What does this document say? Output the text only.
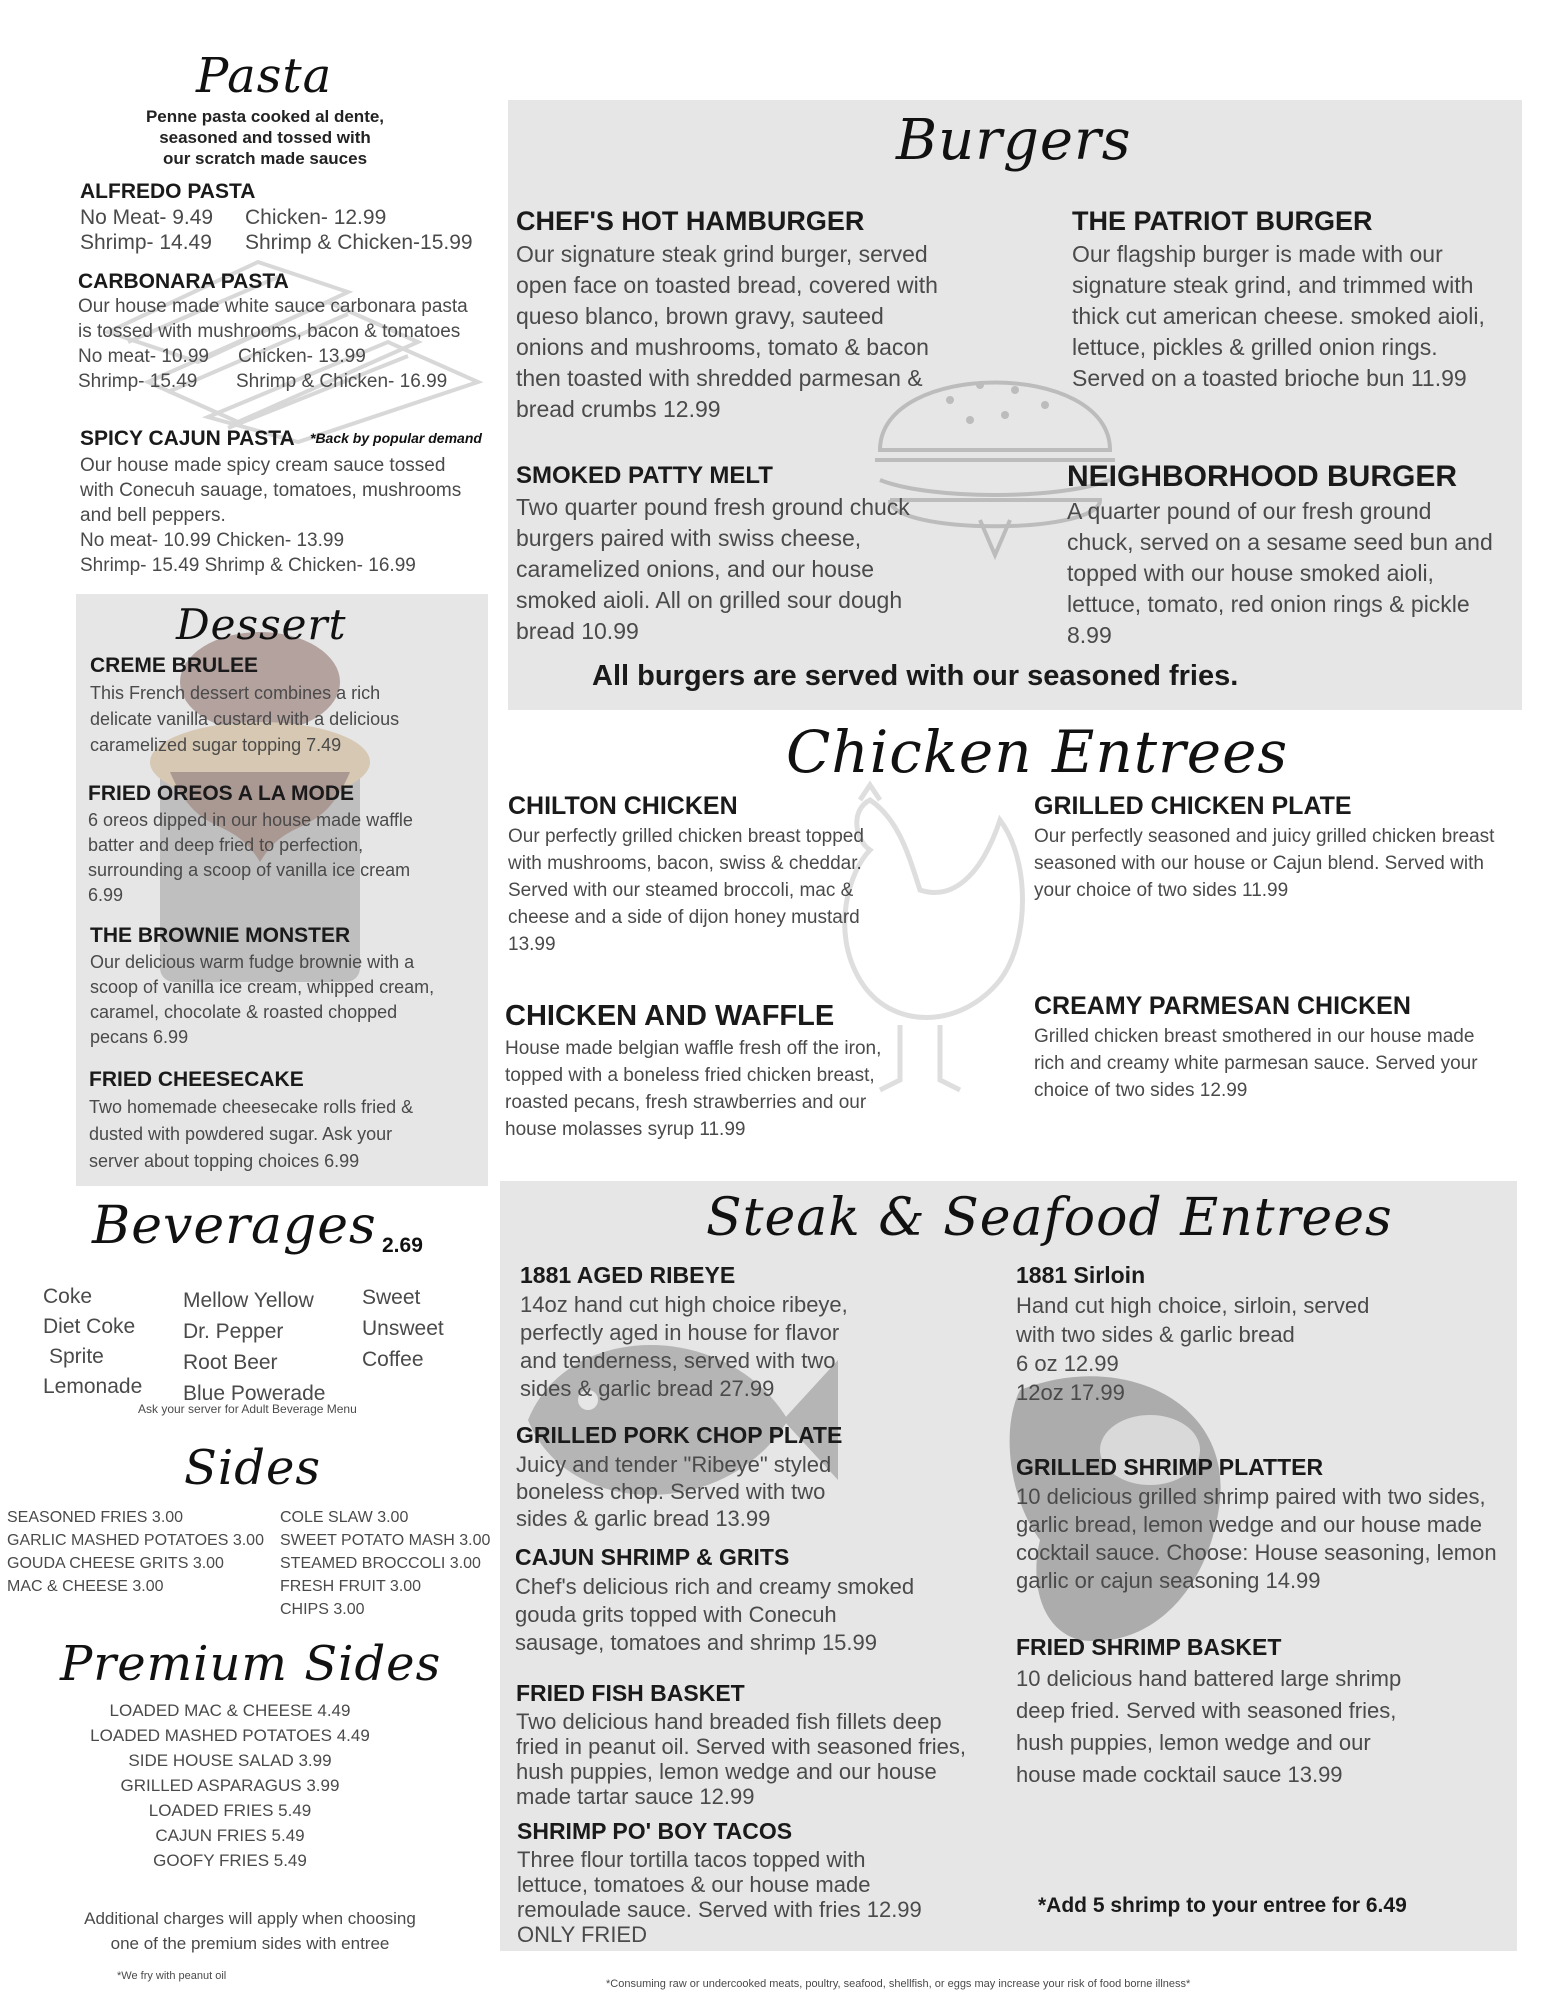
Pasta
Penne pasta cooked al dente,
seasoned and tossed with
our scratch made sauces
ALFREDO PASTA
No Meat- 9.49 Chicken- 12.99
Shrimp- 14.49 Shrimp & Chicken-15.99
CARBONARA PASTA
Our house made white sauce carbonara pasta
is tossed with mushrooms, bacon & tomatoes
No meat- 10.99 Chicken- 13.99
Shrimp- 15.49 Shrimp & Chicken- 16.99
SPICY CAJUN PASTA *Back by popular demand
Our house made spicy cream sauce tossed
with Conecuh sauage, tomatoes, mushrooms
and bell peppers.
No meat- 10.99 Chicken- 13.99
Shrimp- 15.49 Shrimp & Chicken- 16.99
Dessert
CREME BRULEE
This French dessert combines a rich
delicate vanilla custard with a delicious
caramelized sugar topping 7.49
FRIED OREOS A LA MODE
6 oreos dipped in our house made waffle
batter and deep fried to perfection,
surrounding a scoop of vanilla ice cream
6.99
THE BROWNIE MONSTER
Our delicious warm fudge brownie with a
scoop of vanilla ice cream, whipped cream,
caramel, chocolate & roasted chopped
pecans 6.99
FRIED CHEESECAKE
Two homemade cheesecake rolls fried &
dusted with powdered sugar. Ask your
server about topping choices 6.99
Beverages 2.69
Coke
Diet Coke
Sprite
Lemonade
Mellow Yellow
Dr. Pepper
Root Beer
Blue Powerade
Sweet
Unsweet
Coffee
Ask your server for Adult Beverage Menu
Sides
SEASONED FRIES 3.00
GARLIC MASHED POTATOES 3.00
GOUDA CHEESE GRITS 3.00
MAC & CHEESE 3.00
COLE SLAW 3.00
SWEET POTATO MASH 3.00
STEAMED BROCCOLI 3.00
FRESH FRUIT 3.00
CHIPS 3.00
Premium Sides
LOADED MAC & CHEESE 4.49
LOADED MASHED POTATOES 4.49
SIDE HOUSE SALAD 3.99
GRILLED ASPARAGUS 3.99
LOADED FRIES 5.49
CAJUN FRIES 5.49
GOOFY FRIES 5.49
Additional charges will apply when choosing
one of the premium sides with entree
*We fry with peanut oil
Burgers
CHEF'S HOT HAMBURGER
Our signature steak grind burger, served
open face on toasted bread, covered with
queso blanco, brown gravy, sauteed
onions and mushrooms, tomato & bacon
then toasted with shredded parmesan &
bread crumbs 12.99
THE PATRIOT BURGER
Our flagship burger is made with our
signature steak grind, and trimmed with
thick cut american cheese. smoked aioli,
lettuce, pickles & grilled onion rings.
Served on a toasted brioche bun 11.99
SMOKED PATTY MELT
Two quarter pound fresh ground chuck
burgers paired with swiss cheese,
caramelized onions, and our house
smoked aioli. All on grilled sour dough
bread 10.99
NEIGHBORHOOD BURGER
A quarter pound of our fresh ground
chuck, served on a sesame seed bun and
topped with our house smoked aioli,
lettuce, tomato, red onion rings & pickle
8.99
All burgers are served with our seasoned fries.
Chicken Entrees
CHILTON CHICKEN
Our perfectly grilled chicken breast topped
with mushrooms, bacon, swiss & cheddar.
Served with our steamed broccoli, mac &
cheese and a side of dijon honey mustard
13.99
GRILLED CHICKEN PLATE
Our perfectly seasoned and juicy grilled chicken breast
seasoned with our house or Cajun blend. Served with
your choice of two sides 11.99
CHICKEN AND WAFFLE
House made belgian waffle fresh off the iron,
topped with a boneless fried chicken breast,
roasted pecans, fresh strawberries and our
house molasses syrup 11.99
CREAMY PARMESAN CHICKEN
Grilled chicken breast smothered in our house made
rich and creamy white parmesan sauce. Served your
choice of two sides 12.99
Steak & Seafood Entrees
1881 AGED RIBEYE
14oz hand cut high choice ribeye,
perfectly aged in house for flavor
and tenderness, served with two
sides & garlic bread 27.99
1881 Sirloin
Hand cut high choice, sirloin, served
with two sides & garlic bread
6 oz 12.99
12oz 17.99
GRILLED PORK CHOP PLATE
Juicy and tender "Ribeye" styled
boneless chop. Served with two
sides & garlic bread 13.99
GRILLED SHRIMP PLATTER
10 delicious grilled shrimp paired with two sides,
garlic bread, lemon wedge and our house made
cocktail sauce. Choose: House seasoning, lemon
garlic or cajun seasoning 14.99
CAJUN SHRIMP & GRITS
Chef's delicious rich and creamy smoked
gouda grits topped with Conecuh
sausage, tomatoes and shrimp 15.99	FRIED SHRIMP BASKET
10 delicious hand battered large shrimp
deep fried. Served with seasoned fries,
hush puppies, lemon wedge and our
house made cocktail sauce 13.99
FRIED FISH BASKET
Two delicious hand breaded fish fillets deep
fried in peanut oil. Served with seasoned fries,
hush puppies, lemon wedge and our house
made tartar sauce 12.99
SHRIMP PO' BOY TACOS
Three flour tortilla tacos topped with
lettuce, tomatoes & our house made
remoulade sauce. Served with fries 12.99
ONLY FRIED
*Add 5 shrimp to your entree for 6.49
*Consuming raw or undercooked meats, poultry, seafood, shellfish, or eggs may increase your risk of food borne illness*
